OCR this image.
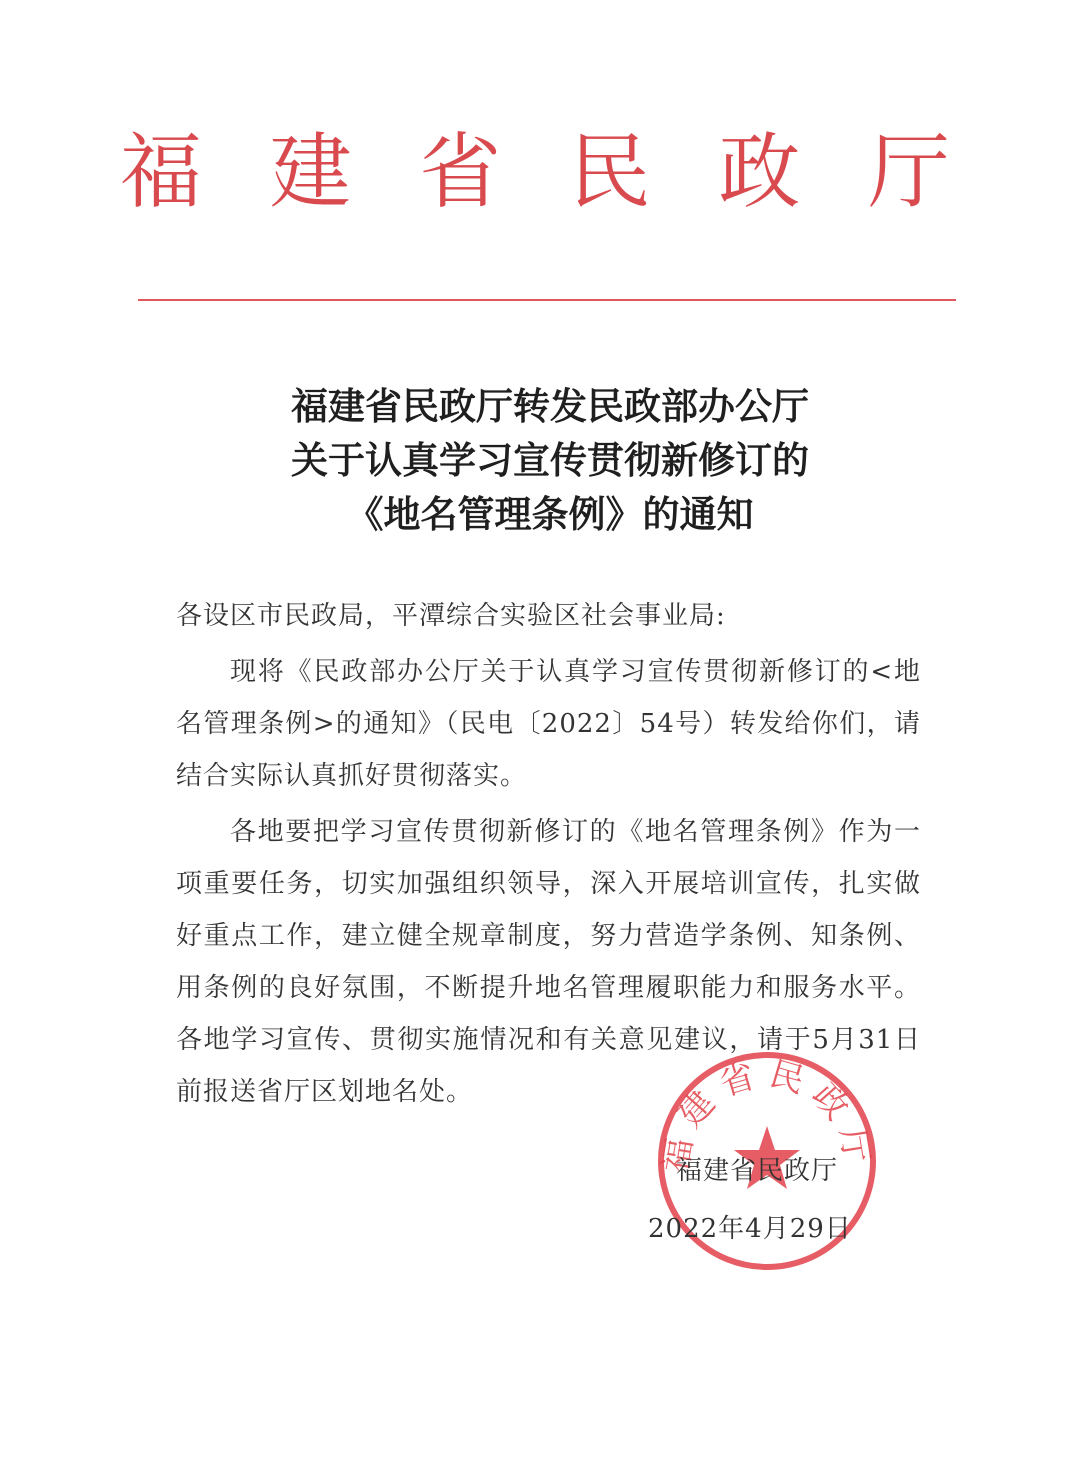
福 建 省 民 政 厅
福建省民政厅转发民政部办公厅
关于认真学习宣传贯彻新修订的
《地名管理条例》的通知

各设区市民政局，平潭综合实验区社会事业局:

现将《民政部办公厅关于认真学习宣传贯彻新修订的<地名管理条例>的通知》（民电〔2022〕54号）转发给你们，请结合实际认真抓好贯彻落实。

各地要把学习宣传贯彻新修订的《地名管理条例》作为一项重要任务，切实加强组织领导，深入开展培训宣传，扎实做好重点工作，建立健全规章制度，努力营造学条例、知条例、用条例的良好氛围，不断提升地名管理履职能力和服务水平。各地学习宣传、贯彻实施情况和有关意见建议，请于5月31日前报送省厅区划地名处。

福建省民政厅
福建省民政厅
2022年4月29日
